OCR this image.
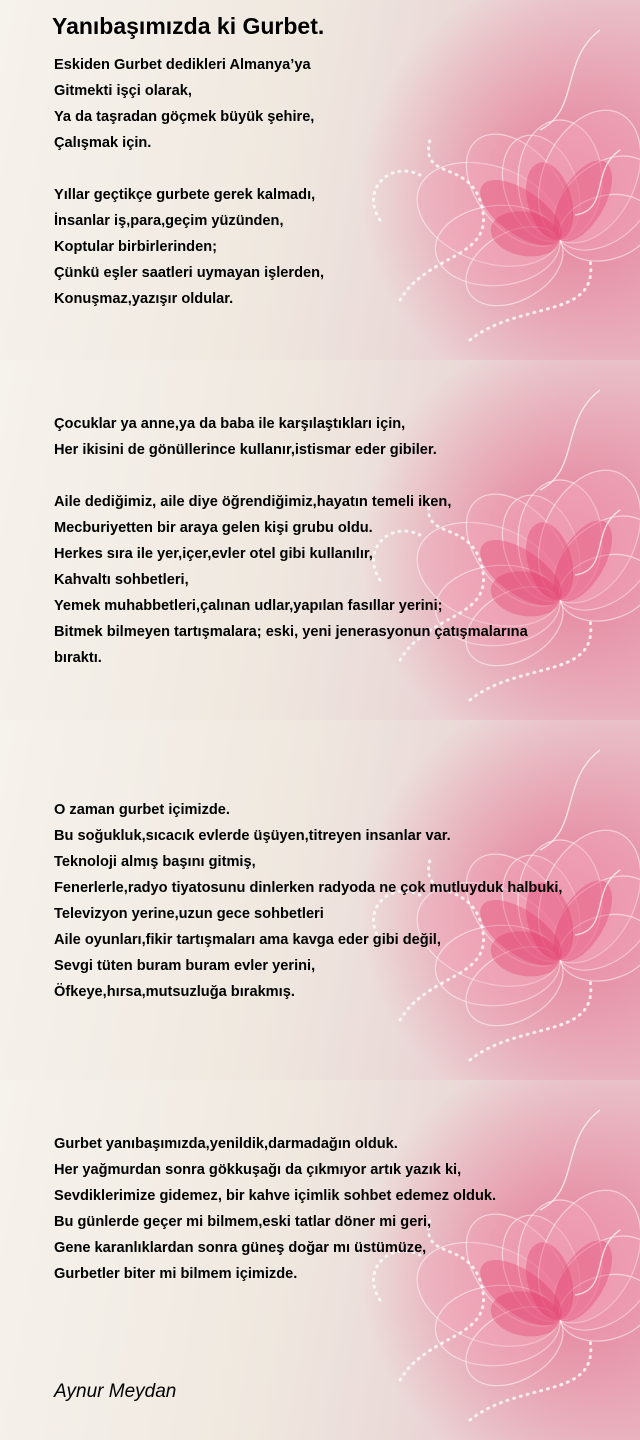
Yanıbaşımızda ki Gurbet.
Eskiden Gurbet dedikleri Almanya’ya
Gitmekti işçi olarak,
Ya da taşradan göçmek büyük şehire,
Çalışmak için.
Yıllar geçtikçe gurbete gerek kalmadı,
İnsanlar iş,para,geçim yüzünden,
Koptular birbirlerinden;
Çünkü eşler saatleri uymayan işlerden,
Konuşmaz,yazışır oldular.
Çocuklar ya anne,ya da baba ile karşılaştıkları için,
Her ikisini de gönüllerince kullanır,istismar eder gibiler.
Aile dediğimiz, aile diye öğrendiğimiz,hayatın temeli iken,
Mecburiyetten bir araya gelen kişi grubu oldu.
Herkes sıra ile yer,içer,evler otel gibi kullanılır,
Kahvaltı sohbetleri,
Yemek muhabbetleri,çalınan udlar,yapılan fasıllar yerini;
Bitmek bilmeyen tartışmalara; eski, yeni jenerasyonun çatışmalarına
bıraktı.
O zaman gurbet içimizde.
Bu soğukluk,sıcacık evlerde üşüyen,titreyen insanlar var.
Teknoloji almış başını gitmiş,
Fenerlerle,radyo tiyatosunu dinlerken radyoda ne çok mutluyduk halbuki,
Televizyon yerine,uzun gece sohbetleri
Aile oyunları,fikir tartışmaları ama kavga eder gibi değil,
Sevgi tüten buram buram evler yerini,
Öfkeye,hırsa,mutsuzluğa bırakmış.
Gurbet yanıbaşımızda,yenildik,darmadağın olduk.
Her yağmurdan sonra gökkuşağı da çıkmıyor artık yazık ki,
Sevdiklerimize gidemez, bir kahve içimlik sohbet edemez olduk.
Bu günlerde geçer mi bilmem,eski tatlar döner mi geri,
Gene karanlıklardan sonra güneş doğar mı üstümüze,
Gurbetler biter mi bilmem içimizde.

Aynur Meydan
